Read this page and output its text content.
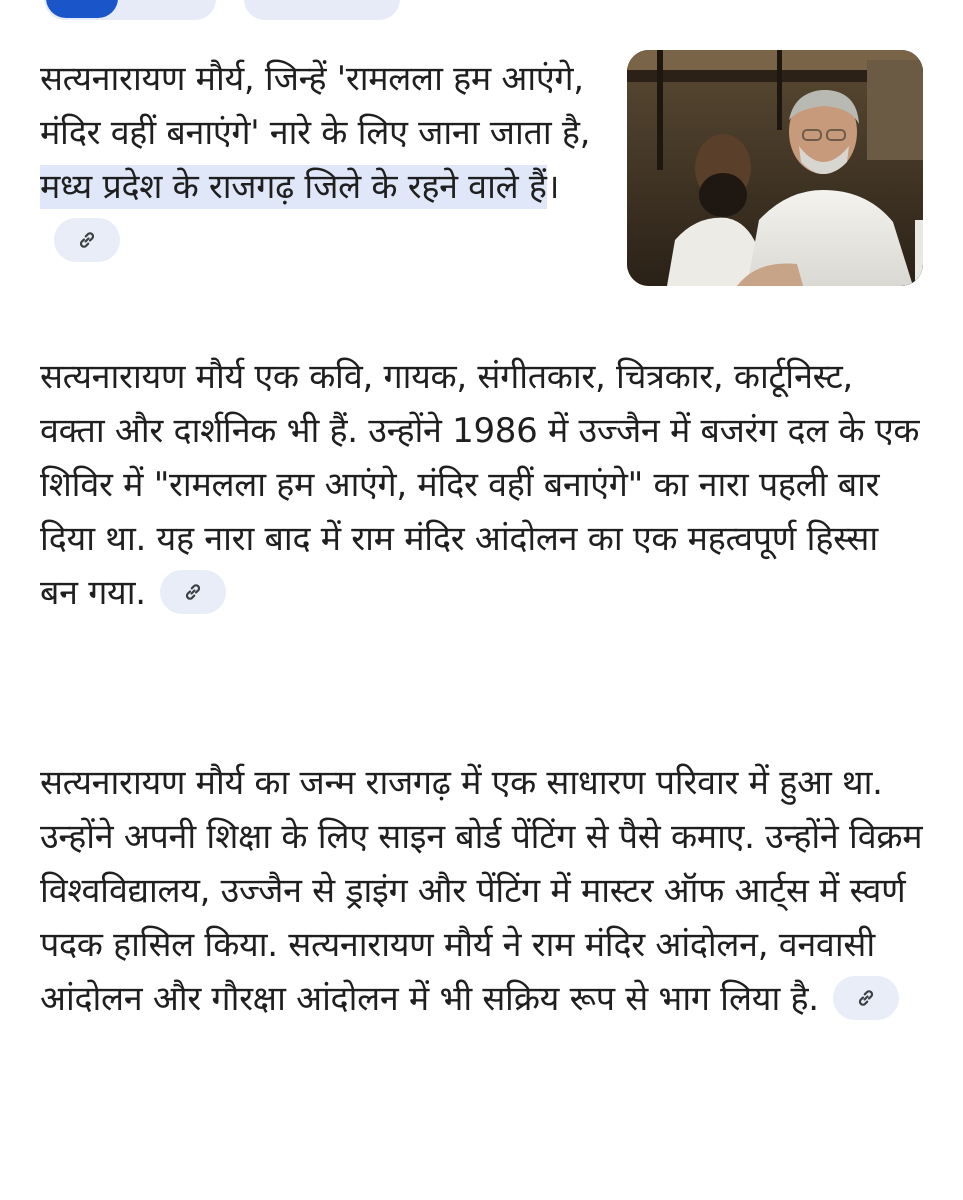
सत्यनारायण मौर्य, जिन्हें 'रामलला हम आएंगे, मंदिर वहीं बनाएंगे' नारे के लिए जाना जाता है, मध्य प्रदेश के राजगढ़ जिले के रहने वाले हैं।

सत्यनारायण मौर्य एक कवि, गायक, संगीतकार, चित्रकार, कार्टूनिस्ट, वक्ता और दार्शनिक भी हैं. उन्होंने 1986 में उज्जैन में बजरंग दल के एक शिविर में "रामलला हम आएंगे, मंदिर वहीं बनाएंगे" का नारा पहली बार दिया था. यह नारा बाद में राम मंदिर आंदोलन का एक महत्वपूर्ण हिस्सा बन गया.

सत्यनारायण मौर्य का जन्म राजगढ़ में एक साधारण परिवार में हुआ था. उन्होंने अपनी शिक्षा के लिए साइन बोर्ड पेंटिंग से पैसे कमाए. उन्होंने विक्रम विश्वविद्यालय, उज्जैन से ड्राइंग और पेंटिंग में मास्टर ऑफ आर्ट्स में स्वर्ण पदक हासिल किया. सत्यनारायण मौर्य ने राम मंदिर आंदोलन, वनवासी आंदोलन और गौरक्षा आंदोलन में भी सक्रिय रूप से भाग लिया है.
